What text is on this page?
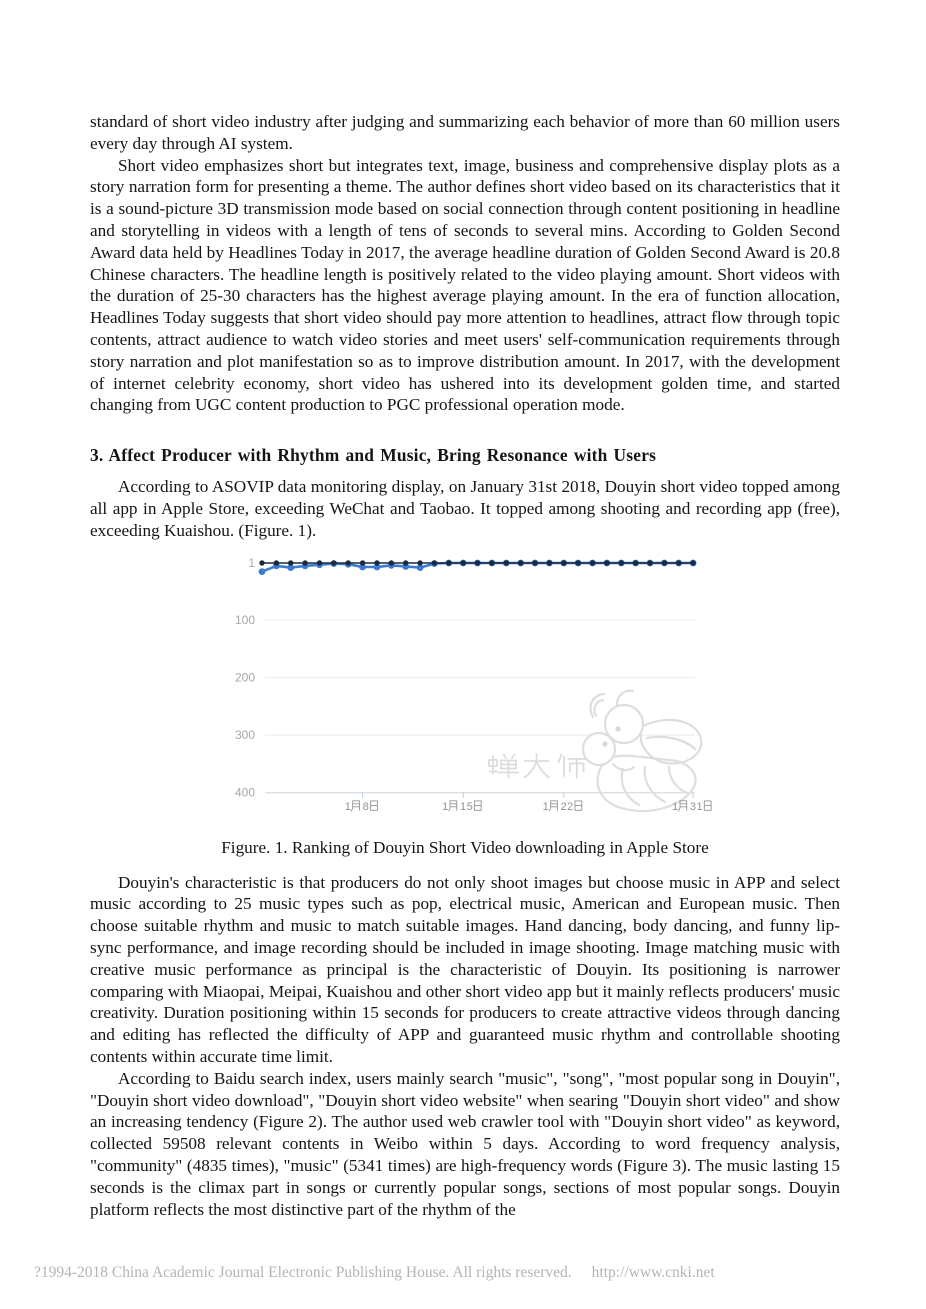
standard of short video industry after judging and summarizing each behavior of more than 60 million users every day through AI system.

Short video emphasizes short but integrates text, image, business and comprehensive display plots as a story narration form for presenting a theme. The author defines short video based on its characteristics that it is a sound-picture 3D transmission mode based on social connection through content positioning in headline and storytelling in videos with a length of tens of seconds to several mins. According to Golden Second Award data held by Headlines Today in 2017, the average headline duration of Golden Second Award is 20.8 Chinese characters. The headline length is positively related to the video playing amount. Short videos with the duration of 25-30 characters has the highest average playing amount. In the era of function allocation, Headlines Today suggests that short video should pay more attention to headlines, attract flow through topic contents, attract audience to watch video stories and meet users' self-communication requirements through story narration and plot manifestation so as to improve distribution amount. In 2017, with the development of internet celebrity economy, short video has ushered into its development golden time, and started changing from UGC content production to PGC professional operation mode.

3. Affect Producer with Rhythm and Music, Bring Resonance with Users

According to ASOVIP data monitoring display, on January 31st 2018, Douyin short video topped among all app in Apple Store, exceeding WeChat and Taobao. It topped among shooting and recording app (free), exceeding Kuaishou. (Figure. 1).

1
100
200
300
400
1 8	1 15	1 22	1 31
Figure. 1. Ranking of Douyin Short Video downloading in Apple Store

Douyin's characteristic is that producers do not only shoot images but choose music in APP and select music according to 25 music types such as pop, electrical music, American and European music. Then choose suitable rhythm and music to match suitable images. Hand dancing, body dancing, and funny lip-sync performance, and image recording should be included in image shooting. Image matching music with creative music performance as principal is the characteristic of Douyin. Its positioning is narrower comparing with Miaopai, Meipai, Kuaishou and other short video app but it mainly reflects producers' music creativity. Duration positioning within 15 seconds for producers to create attractive videos through dancing and editing has reflected the difficulty of APP and guaranteed music rhythm and controllable shooting contents within accurate time limit.

According to Baidu search index, users mainly search "music", "song", "most popular song in Douyin", "Douyin short video download", "Douyin short video website" when searing "Douyin short video" and show an increasing tendency (Figure 2). The author used web crawler tool with "Douyin short video" as keyword, collected 59508 relevant contents in Weibo within 5 days. According to word frequency analysis, "community" (4835 times), "music" (5341 times) are high-frequency words (Figure 3). The music lasting 15 seconds is the climax part in songs or currently popular songs, sections of most popular songs. Douyin platform reflects the most distinctive part of the rhythm of the

?1994-2018 China Academic Journal Electronic Publishing House. All rights reserved. http://www.cnki.net
